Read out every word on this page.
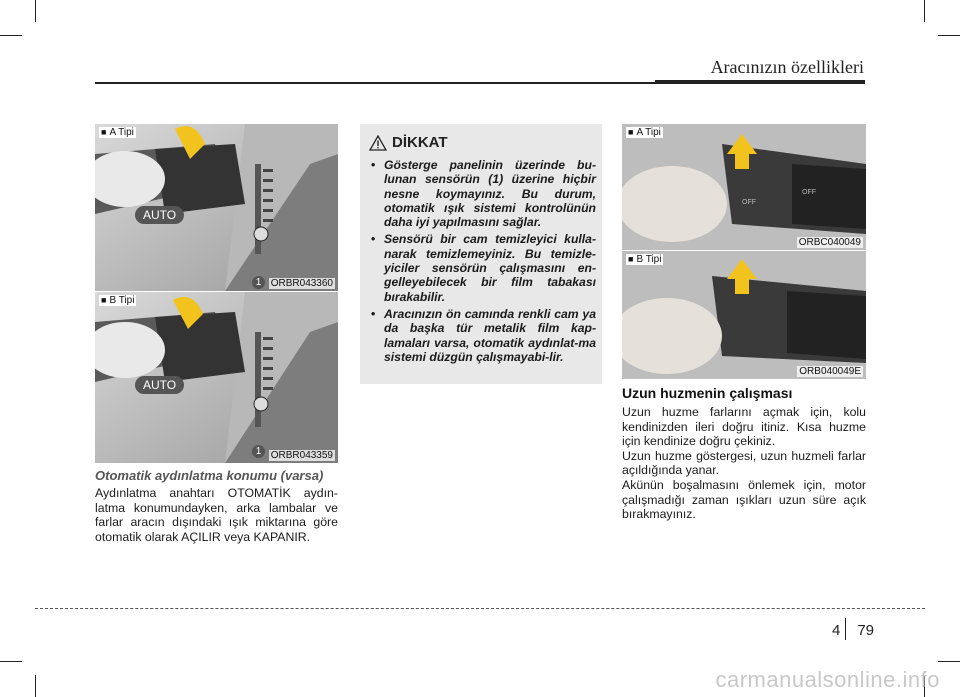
Aracınızın özellikleri
■ A Tipi
AUTO
1 ORBR043360
■ B Tipi
AUTO
1 ORBR043359
Otomatik aydınlatma konumu (varsa)
Aydınlatma anahtarı OTOMATİK aydın-latma konumundayken, arka lambalar ve farlar aracın dışındaki ışık miktarına göre otomatik olarak AÇILIR veya KAPANIR.
DİKKAT
• Gösterge panelinin üzerinde bu-lunan sensörün (1) üzerine hiçbir nesne koymayınız. Bu durum, otomatik ışık sistemi kontrolünün daha iyi yapılmasını sağlar.
• Sensörü bir cam temizleyici kulla-narak temizlemeyiniz. Bu temizle-yiciler sensörün çalışmasını en-gelleyebilecek bir film tabakası bırakabilir.
• Aracınızın ön camında renkli cam ya da başka tür metalik film kap-lamaları varsa, otomatik aydınlat-ma sistemi düzgün çalışmayabi-lir.
OFF
OFF
■ A Tipi
ORBC040049
■ B Tipi
ORB040049E
Uzun huzmenin çalışması
Uzun huzme farlarını açmak için, kolu kendinizden ileri doğru itiniz. Kısa huzme için kendinize doğru çekiniz.
Uzun huzme göstergesi, uzun huzmeli farlar açıldığında yanar.
Akünün boşalmasını önlemek için, motor çalışmadığı zaman ışıkları uzun süre açık bırakmayınız.
4 79
carmanualsonline.info
